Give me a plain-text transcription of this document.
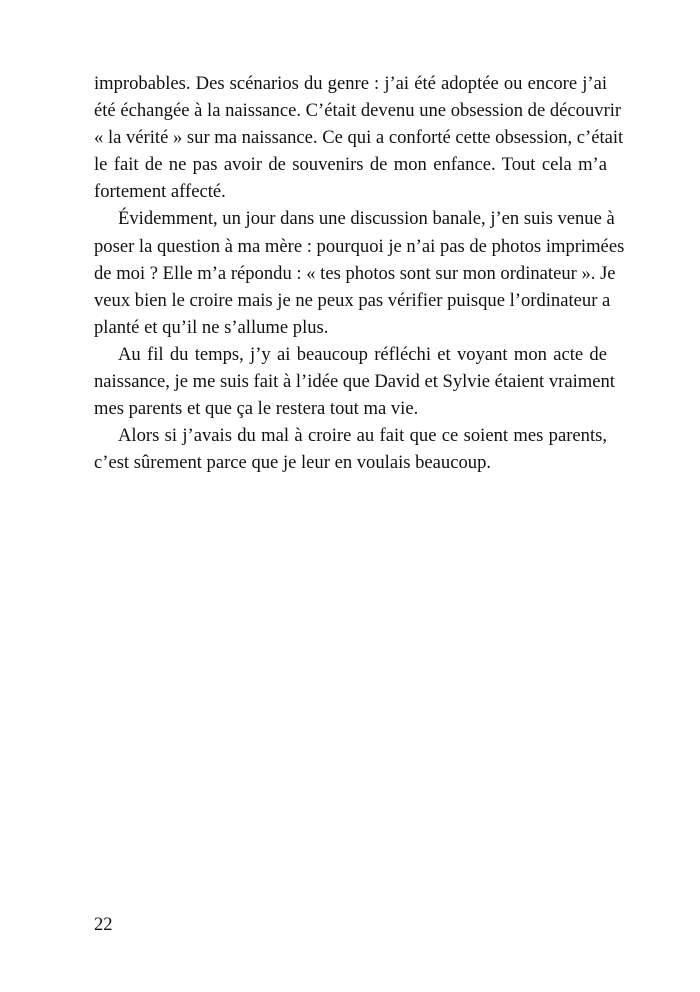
improbables. Des scénarios du genre : j’ai été adoptée ou encore j’ai
été échangée à la naissance. C’était devenu une obsession de découvrir
« la vérité » sur ma naissance. Ce qui a conforté cette obsession, c’était
le fait de ne pas avoir de souvenirs de mon enfance. Tout cela m’a
fortement affecté.

Évidemment, un jour dans une discussion banale, j’en suis venue à
poser la question à ma mère : pourquoi je n’ai pas de photos imprimées
de moi ? Elle m’a répondu : « tes photos sont sur mon ordinateur ». Je
veux bien le croire mais je ne peux pas vérifier puisque l’ordinateur a
planté et qu’il ne s’allume plus.

Au fil du temps, j’y ai beaucoup réfléchi et voyant mon acte de
naissance, je me suis fait à l’idée que David et Sylvie étaient vraiment
mes parents et que ça le restera tout ma vie.

Alors si j’avais du mal à croire au fait que ce soient mes parents,
c’est sûrement parce que je leur en voulais beaucoup.

22
